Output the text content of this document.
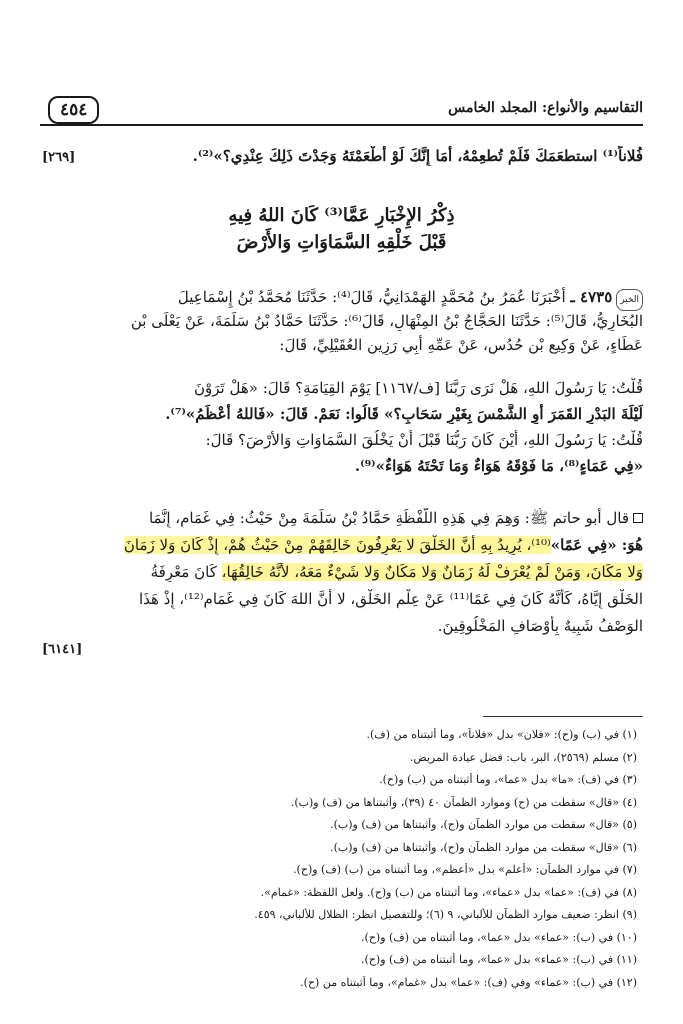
التقاسيم والأنواع: المجلد الخامس
٤٥٤
فُلاناً⁽¹⁾ استطعَمَكَ فَلَمْ تُطعِمْهُ، أَمَا إِنَّكَ لَوْ أَطْعَمْتَهُ وَجَدْتَ ذَلِكَ عِنْدِي؟»⁽²⁾.
[٢٦٩]
ذِكْرُ الإِخْبَارِ عَمَّا⁽³⁾ كَانَ اللهُ فِيهِ
قَبْلَ خَلْقِهِ السَّمَاوَاتِ وَالأَرْضَ
الخبر٤٧٣٥ ـ أَخْبَرَنَا عُمَرُ بنُ مُحَمَّدٍ الهَمْدَانِيُّ، قَالَ⁽⁴⁾: حَدَّثَنَا مُحَمَّدُ بْنُ إِسْمَاعِيلَ
البُخَارِيُّ، قَالَ⁽⁵⁾: حَدَّثَنَا الحَجَّاجُ بْنُ المِنْهَالِ، قَالَ⁽⁶⁾: حَدَّثَنَا حَمَّادُ بْنُ سَلَمَةَ، عَنْ يَعْلَى بْنِ
عَطَاءٍ، عَنْ وَكِيعِ بْنِ حُدُسٍ، عَنْ عَمِّهِ أَبِي رَزِينٍ العُقَيْلِيِّ، قَالَ:
قُلْتُ: يَا رَسُولَ اللهِ، هَلْ نَرَى رَبَّنَا [ف/١١٦٧] يَوْمَ القِيَامَةِ؟ قَالَ: «هَلْ تَرَوْنَ
لَيْلَةَ البَدْرِ القَمَرَ أَوِ الشَّمْسَ بِغَيْرِ سَحَابٍ؟» قَالُوا: نَعَمْ. قَالَ: «فَاللهُ أَعْظَمُ»⁽⁷⁾.
قُلْتُ: يَا رَسُولَ اللهِ، أَيْنَ كَانَ رَبُّنَا قَبْلَ أَنْ يَخْلُقَ السَّمَاوَاتِ وَالأَرْضَ؟ قَالَ:
«فِي عَمَاءٍ⁽⁸⁾، مَا فَوْقَهُ هَوَاءٌ وَمَا تَحْتَهُ هَوَاءٌ»⁽⁹⁾.
قال أبو حاتم ﷺ: وَهِمَ فِي هَذِهِ اللَّفْظَةِ حَمَّادُ بْنُ سَلَمَةَ مِنْ حَيْثُ: فِي غَمَامٍ، إِنَّمَا
هُوَ: «فِي عَمًا»⁽¹⁰⁾، يُرِيدُ بِهِ أَنَّ الخَلْقَ لا يَعْرِفُونَ خَالِقَهُمْ مِنْ حَيْثُ هُمْ، إِذْ كَانَ وَلا زَمَانَ
وَلا مَكَانَ، وَمَنْ لَمْ يُعْرَفْ لَهُ زَمَانٌ وَلا مَكَانٌ وَلا شَيْءٌ مَعَهُ، لأَنَّهُ خَالِقُهَا، كَانَ مَعْرِفَةُ
الخَلْقِ إِيَّاهُ، كَأَنَّهُ كَانَ فِي عَمًا⁽¹¹⁾ عَنْ عِلْمِ الخَلْقِ، لا أَنَّ اللهَ كَانَ فِي غَمَامٍ⁽¹²⁾، إِذْ هَذَا
الوَصْفُ شَبِيهٌ بِأَوْصَافِ المَخْلُوقِينَ.
[٦١٤١]
(١) في (ب) و(ح): «فلان» بدل «فلاناً»، وما أثبتناه من (ف).
(٢) مسلم (٢٥٦٩)، البر، باب: فضل عيادة المريض.
(٣) في (ف): «ما» بدل «عما»، وما أثبتناه من (ب) و(ح).
(٤) «قال» سقطت من (ح) وموارد الظمآن ٤٠ (٣٩)، وأثبتناها من (ف) و(ب).
(٥) «قال» سقطت من موارد الظمآن و(ح)، وأثبتناها من (ف) و(ب).
(٦) «قال» سقطت من موارد الظمآن و(ح)، وأثبتناها من (ف) و(ب).
(٧) في موارد الظمآن: «أعلم» بدل «أعظم»، وما أثبتناه من (ب) (ف) و(ح).
(٨) في (ف): «عما» بدل «عماء»، وما أثبتناه من (ب) و(ح). ولعل اللفظة: «غمام».
(٩) انظر: ضعيف موارد الظمآن للألباني، ٩ (٦)؛ وللتفصيل انظر: الظلال للألباني، ٤٥٩.
(١٠) في (ب): «عماء» بدل «عما»، وما أثبتناه من (ف) و(ح).
(١١) في (ب): «عماء» بدل «عما»، وما أثبتناه من (ف) و(ح).
(١٢) في (ب): «عماء» وفي (ف): «عما» بدل «غمام»، وما أثبتناه من (ح).
